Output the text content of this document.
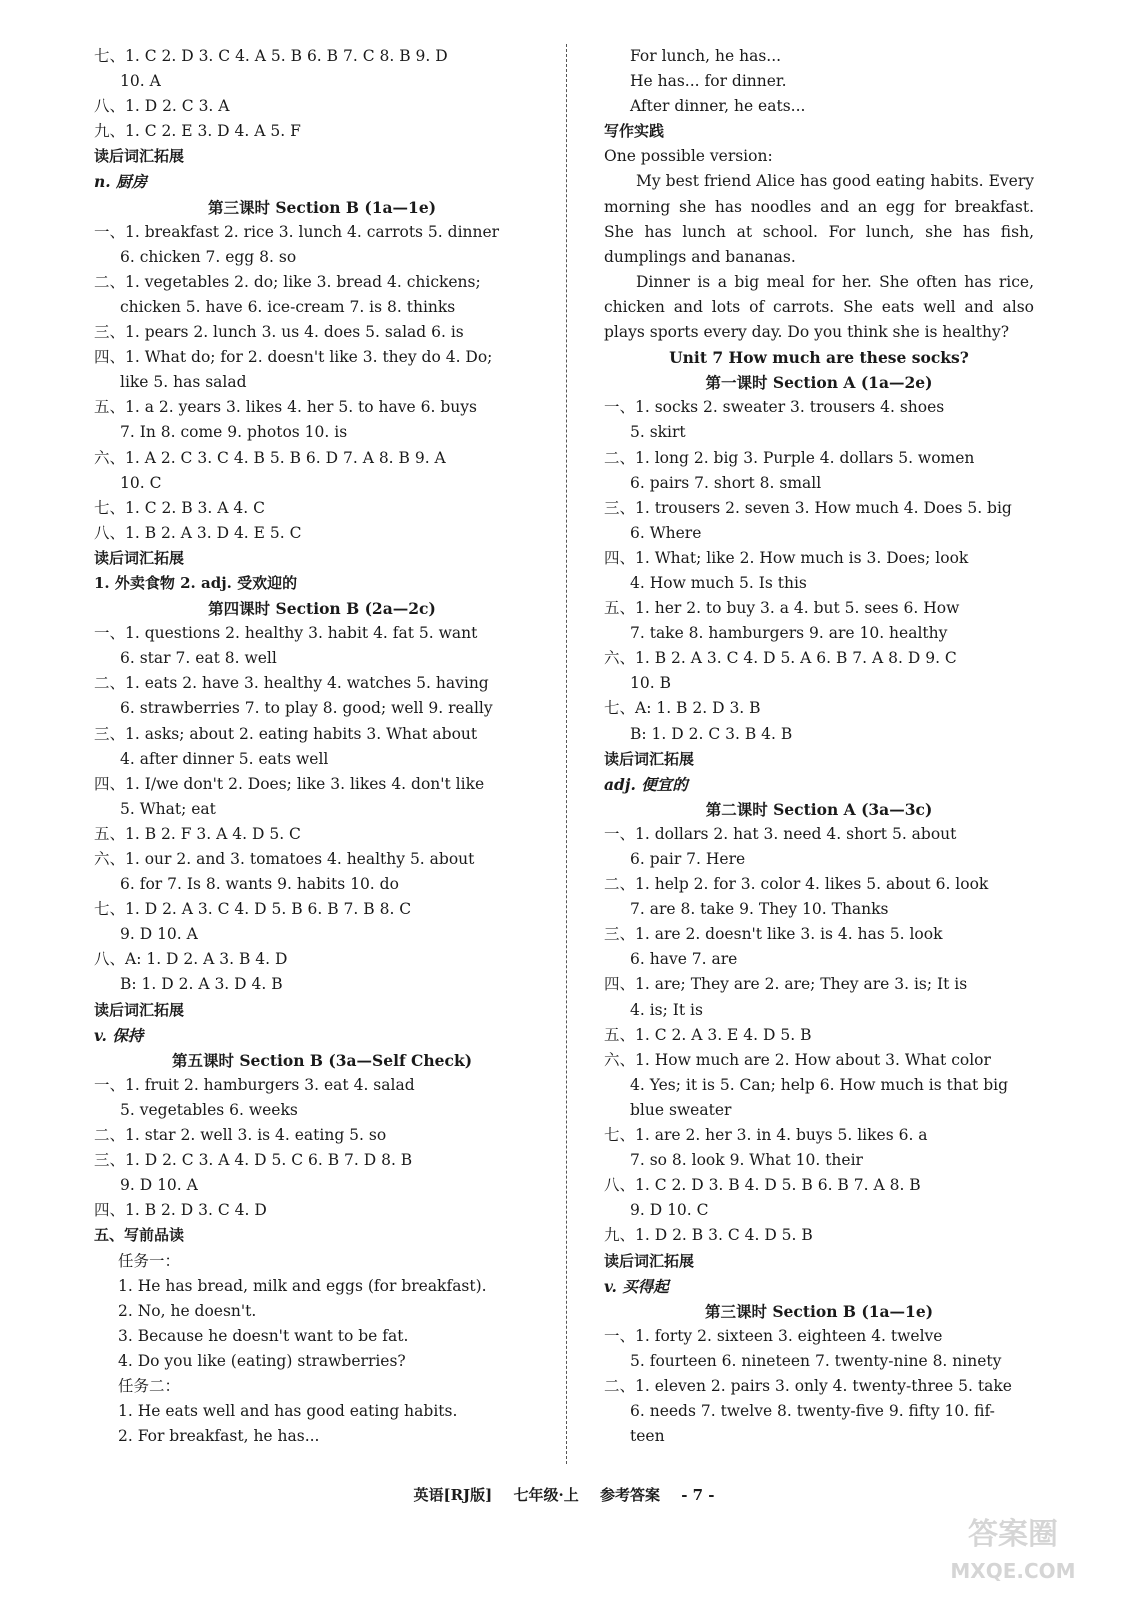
七、1. C 2. D 3. C 4. A 5. B 6. B 7. C 8. B 9. D
10. A
八、1. D 2. C 3. A
九、1. C 2. E 3. D 4. A 5. F
读后词汇拓展
n. 厨房
第三课时 Section B (1a—1e)
一、1. breakfast 2. rice 3. lunch 4. carrots 5. dinner
6. chicken 7. egg 8. so
二、1. vegetables 2. do; like 3. bread 4. chickens;
chicken 5. have 6. ice-cream 7. is 8. thinks
三、1. pears 2. lunch 3. us 4. does 5. salad 6. is
四、1. What do; for 2. doesn't like 3. they do 4. Do;
like 5. has salad
五、1. a 2. years 3. likes 4. her 5. to have 6. buys
7. In 8. come 9. photos 10. is
六、1. A 2. C 3. C 4. B 5. B 6. D 7. A 8. B 9. A
10. C
七、1. C 2. B 3. A 4. C
八、1. B 2. A 3. D 4. E 5. C
读后词汇拓展
1. 外卖食物 2. adj. 受欢迎的
第四课时 Section B (2a—2c)
一、1. questions 2. healthy 3. habit 4. fat 5. want
6. star 7. eat 8. well
二、1. eats 2. have 3. healthy 4. watches 5. having
6. strawberries 7. to play 8. good; well 9. really
三、1. asks; about 2. eating habits 3. What about
4. after dinner 5. eats well
四、1. I/we don't 2. Does; like 3. likes 4. don't like
5. What; eat
五、1. B 2. F 3. A 4. D 5. C
六、1. our 2. and 3. tomatoes 4. healthy 5. about
6. for 7. Is 8. wants 9. habits 10. do
七、1. D 2. A 3. C 4. D 5. B 6. B 7. B 8. C
9. D 10. A
八、A: 1. D 2. A 3. B 4. D
B: 1. D 2. A 3. D 4. B
读后词汇拓展
v. 保持
第五课时 Section B (3a—Self Check)
一、1. fruit 2. hamburgers 3. eat 4. salad
5. vegetables 6. weeks
二、1. star 2. well 3. is 4. eating 5. so
三、1. D 2. C 3. A 4. D 5. C 6. B 7. D 8. B
9. D 10. A
四、1. B 2. D 3. C 4. D
五、写前品读
任务一：
1. He has bread, milk and eggs (for breakfast).
2. No, he doesn't.
3. Because he doesn't want to be fat.
4. Do you like (eating) strawberries?
任务二：
1. He eats well and has good eating habits.
2. For breakfast, he has...
For lunch, he has...
He has... for dinner.
After dinner, he eats...
写作实践
One possible version:
My best friend Alice has good eating habits. Every morning she has noodles and an egg for breakfast. She has lunch at school. For lunch, she has fish, dumplings and bananas.
Dinner is a big meal for her. She often has rice, chicken and lots of carrots. She eats well and also plays sports every day. Do you think she is healthy?
Unit 7 How much are these socks?
第一课时 Section A (1a—2e)
一、1. socks 2. sweater 3. trousers 4. shoes
5. skirt
二、1. long 2. big 3. Purple 4. dollars 5. women
6. pairs 7. short 8. small
三、1. trousers 2. seven 3. How much 4. Does 5. big
6. Where
四、1. What; like 2. How much is 3. Does; look
4. How much 5. Is this
五、1. her 2. to buy 3. a 4. but 5. sees 6. How
7. take 8. hamburgers 9. are 10. healthy
六、1. B 2. A 3. C 4. D 5. A 6. B 7. A 8. D 9. C
10. B
七、A: 1. B 2. D 3. B
B: 1. D 2. C 3. B 4. B
读后词汇拓展
adj. 便宜的
第二课时 Section A (3a—3c)
一、1. dollars 2. hat 3. need 4. short 5. about
6. pair 7. Here
二、1. help 2. for 3. color 4. likes 5. about 6. look
7. are 8. take 9. They 10. Thanks
三、1. are 2. doesn't like 3. is 4. has 5. look
6. have 7. are
四、1. are; They are 2. are; They are 3. is; It is
4. is; It is
五、1. C 2. A 3. E 4. D 5. B
六、1. How much are 2. How about 3. What color
4. Yes; it is 5. Can; help 6. How much is that big
blue sweater
七、1. are 2. her 3. in 4. buys 5. likes 6. a
7. so 8. look 9. What 10. their
八、1. C 2. D 3. B 4. D 5. B 6. B 7. A 8. B
9. D 10. C
九、1. D 2. B 3. C 4. D 5. B
读后词汇拓展
v. 买得起
第三课时 Section B (1a—1e)
一、1. forty 2. sixteen 3. eighteen 4. twelve
5. fourteen 6. nineteen 7. twenty-nine 8. ninety
二、1. eleven 2. pairs 3. only 4. twenty-three 5. take
6. needs 7. twelve 8. twenty-five 9. fifty 10. fif-
teen
英语[RJ版] 七年级·上 参考答案 - 7 -
答案圈
MXQE.COM
